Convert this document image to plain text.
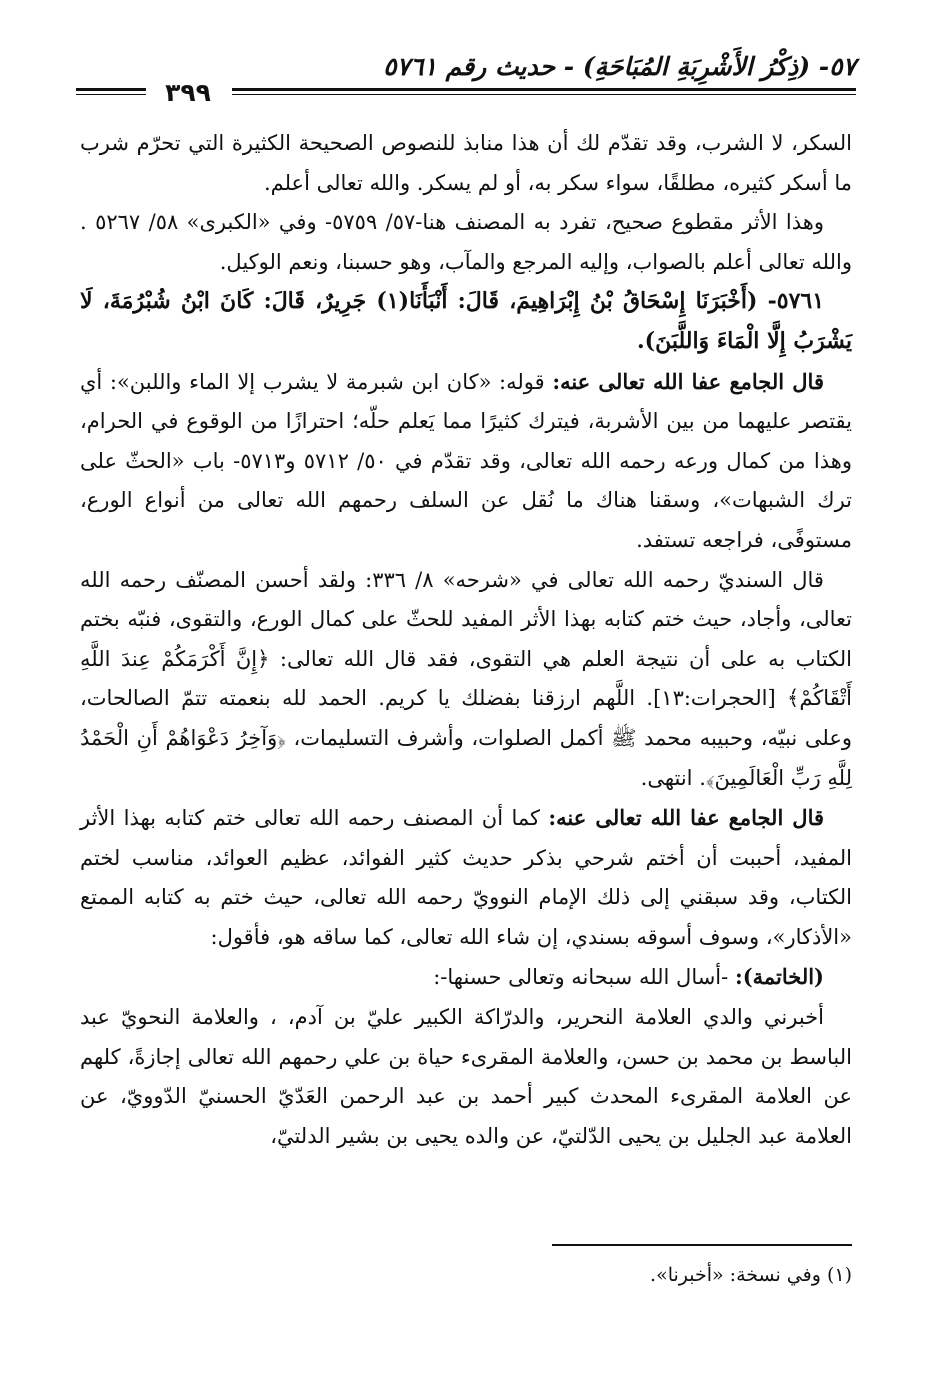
٥٧- (ذِكْرُ الأَشْرِبَةِ المُبَاحَةِ) - حديث رقم ٥٧٦١
٣٩٩

السكر، لا الشرب، وقد تقدّم لك أن هذا منابذ للنصوص الصحيحة الكثيرة التي تحرّم شرب ما أسكر كثيره، مطلقًا، سواء سكر به، أو لم يسكر. والله تعالى أعلم.

وهذا الأثر مقطوع صحيح، تفرد به المصنف هنا-٥٧/ ٥٧٥٩- وفي «الكبرى» ٥٨/ ٥٢٦٧ . والله تعالى أعلم بالصواب، وإليه المرجع والمآب، وهو حسبنا، ونعم الوكيل.

٥٧٦١- (أَخْبَرَنَا إِسْحَاقُ بْنُ إِبْرَاهِيمَ، قَالَ: أَنْبَأَنَا(١) جَرِيرٌ، قَالَ: كَانَ ابْنُ شُبْرُمَةَ، لَا يَشْرَبُ إِلَّا الْمَاءَ وَاللَّبَنَ).

قال الجامع عفا الله تعالى عنه: قوله: «كان ابن شبرمة لا يشرب إلا الماء واللبن»: أي يقتصر عليهما من بين الأشربة، فيترك كثيرًا مما يَعلم حلّه؛ احترازًا من الوقوع في الحرام، وهذا من كمال ورعه رحمه الله تعالى، وقد تقدّم في ٥٠/ ٥٧١٢ و٥٧١٣- باب «الحثّ على ترك الشبهات»، وسقنا هناك ما نُقل عن السلف رحمهم الله تعالى من أنواع الورع، مستوفًى، فراجعه تستفد.

قال السنديّ رحمه الله تعالى في «شرحه» ٨/ ٣٣٦: ولقد أحسن المصنّف رحمه الله تعالى، وأجاد، حيث ختم كتابه بهذا الأثر المفيد للحثّ على كمال الورع، والتقوى، فنبّه بختم الكتاب به على أن نتيجة العلم هي التقوى، فقد قال الله تعالى: ﴿إِنَّ أَكْرَمَكُمْ عِندَ اللَّهِ أَتْقَاكُمْ﴾ [الحجرات:١٣]. اللَّهم ارزقنا بفضلك يا كريم. الحمد لله بنعمته تتمّ الصالحات، وعلى نبيّه، وحبيبه محمد ﷺ أكمل الصلوات، وأشرف التسليمات، ﴿وَآخِرُ دَعْوَاهُمْ أَنِ الْحَمْدُ لِلَّهِ رَبِّ الْعَالَمِينَ﴾. انتهى.

قال الجامع عفا الله تعالى عنه: كما أن المصنف رحمه الله تعالى ختم كتابه بهذا الأثر المفيد، أحببت أن أختم شرحي بذكر حديث كثير الفوائد، عظيم العوائد، مناسب لختم الكتاب، وقد سبقني إلى ذلك الإمام النوويّ رحمه الله تعالى، حيث ختم به كتابه الممتع «الأذكار»، وسوف أسوقه بسندي، إن شاء الله تعالى، كما ساقه هو، فأقول:

(الخاتمة): -أسال الله سبحانه وتعالى حسنها-:

أخبرني والدي العلامة النحرير، والدرّاكة الكبير عليّ بن آدم، ، والعلامة النحويّ عبد الباسط بن محمد بن حسن، والعلامة المقرىء حياة بن علي رحمهم الله تعالى إجازةً، كلهم عن العلامة المقرىء المحدث كبير أحمد بن عبد الرحمن العَدّيّ الحسنيّ الدّوويّ، عن العلامة عبد الجليل بن يحيى الدّلتيّ، عن والده يحيى بن بشير الدلتيّ،

(١) وفي نسخة: «أخبرنا».
